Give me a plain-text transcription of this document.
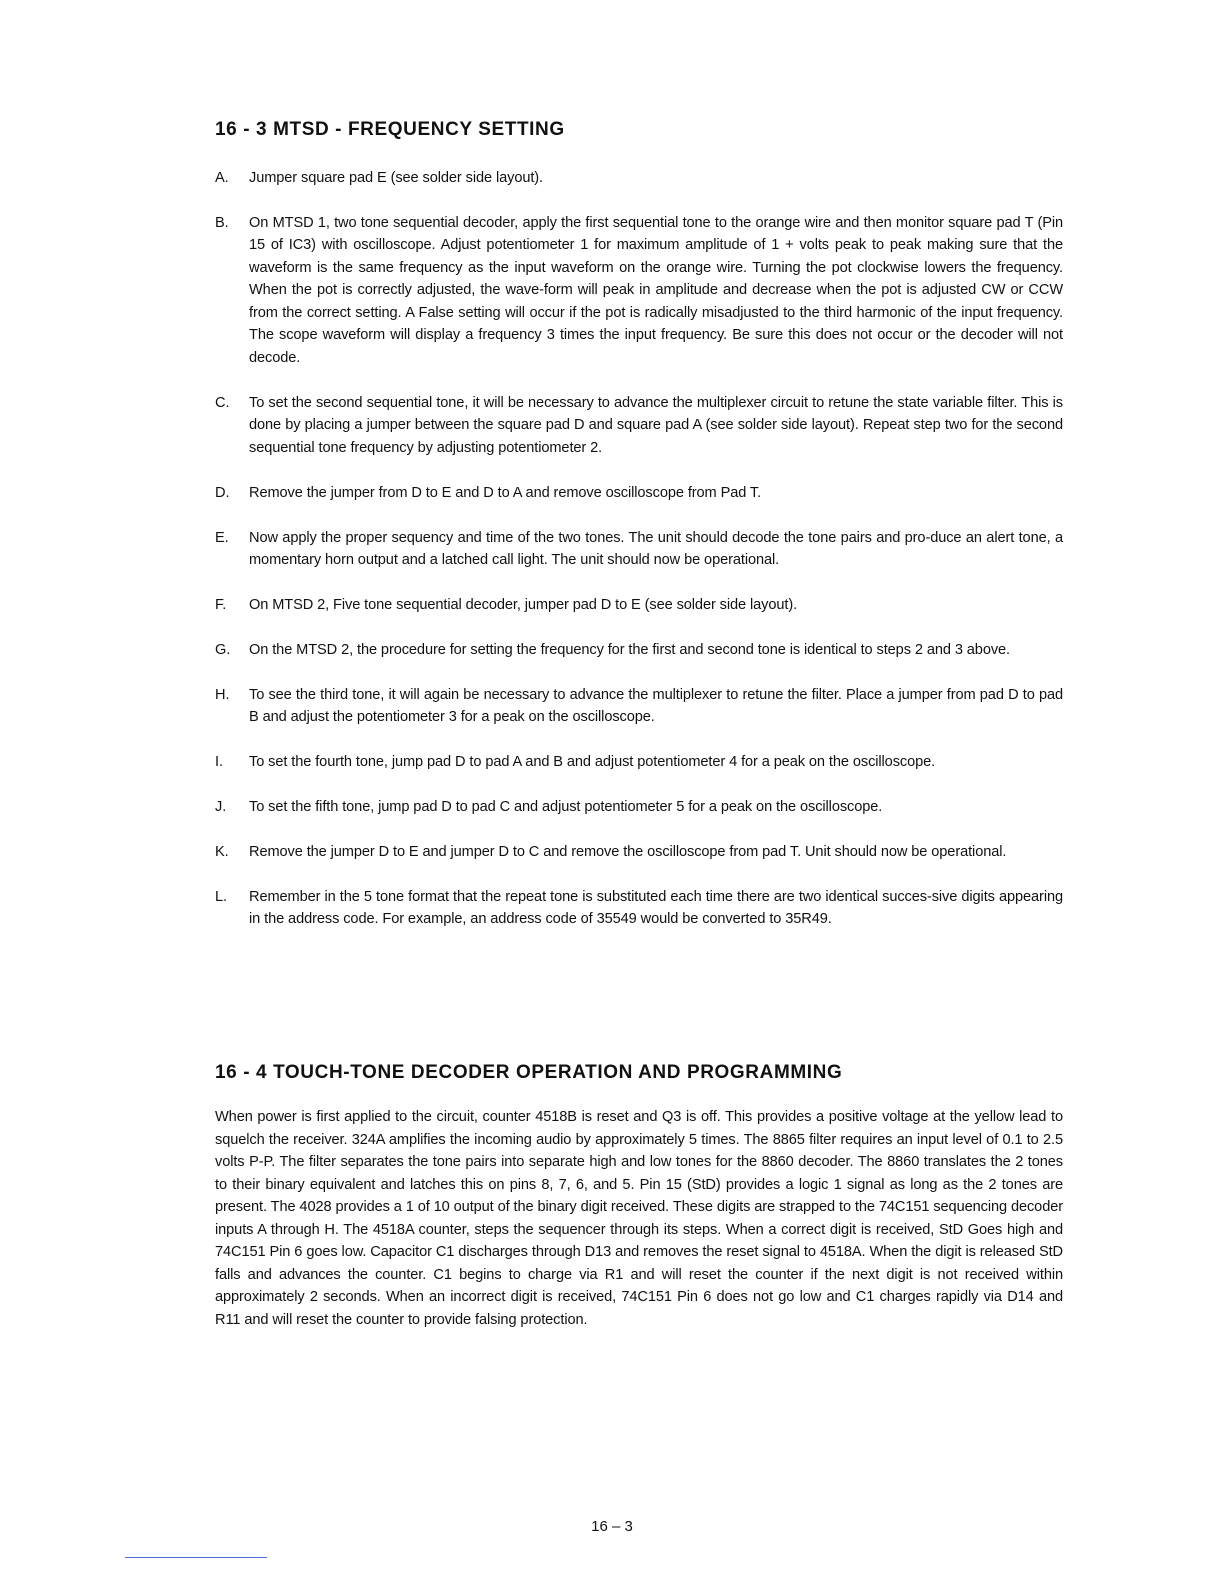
16 - 3 MTSD - FREQUENCY SETTING
A.	Jumper square pad E (see solder side layout).
B.	On MTSD 1, two tone sequential decoder, apply the first sequential tone to the orange wire and then monitor square pad T (Pin 15 of IC3) with oscilloscope. Adjust potentiometer 1 for maximum amplitude of 1 + volts peak to peak making sure that the waveform is the same frequency as the input waveform on the orange wire. Turning the pot clockwise lowers the frequency. When the pot is correctly adjusted, the wave-form will peak in amplitude and decrease when the pot is adjusted CW or CCW from the correct setting. A False setting will occur if the pot is radically misadjusted to the third harmonic of the input frequency. The scope waveform will display a frequency 3 times the input frequency. Be sure this does not occur or the decoder will not decode.
C.	To set the second sequential tone, it will be necessary to advance the multiplexer circuit to retune the state variable filter. This is done by placing a jumper between the square pad D and square pad A (see solder side layout). Repeat step two for the second sequential tone frequency by adjusting potentiometer 2.
D.	Remove the jumper from D to E and D to A and remove oscilloscope from Pad T.
E.	Now apply the proper sequency and time of the two tones. The unit should decode the tone pairs and pro-duce an alert tone, a momentary horn output and a latched call light. The unit should now be operational.
F.	On MTSD 2, Five tone sequential decoder, jumper pad D to E (see solder side layout).
G.	On the MTSD 2, the procedure for setting the frequency for the first and second tone is identical to steps 2 and 3 above.
H.	To see the third tone, it will again be necessary to advance the multiplexer to retune the filter. Place a jumper from pad D to pad B and adjust the potentiometer 3 for a peak on the oscilloscope.
I.	To set the fourth tone, jump pad D to pad A and B and adjust potentiometer 4 for a peak on the oscilloscope.
J.	To set the fifth tone, jump pad D to pad C and adjust potentiometer 5 for a peak on the oscilloscope.
K.	Remove the jumper D to E and jumper D to C and remove the oscilloscope from pad T. Unit should now be operational.
L.	Remember in the 5 tone format that the repeat tone is substituted each time there are two identical succes-sive digits appearing in the address code. For example, an address code of 35549 would be converted to 35R49.
16 - 4 TOUCH-TONE DECODER OPERATION AND PROGRAMMING

When power is first applied to the circuit, counter 4518B is reset and Q3 is off. This provides a positive voltage at the yellow lead to squelch the receiver. 324A amplifies the incoming audio by approximately 5 times. The 8865 filter requires an input level of 0.1 to 2.5 volts P-P. The filter separates the tone pairs into separate high and low tones for the 8860 decoder. The 8860 translates the 2 tones to their binary equivalent and latches this on pins 8, 7, 6, and 5. Pin 15 (StD) provides a logic 1 signal as long as the 2 tones are present. The 4028 provides a 1 of 10 output of the binary digit received. These digits are strapped to the 74C151 sequencing decoder inputs A through H. The 4518A counter, steps the sequencer through its steps. When a correct digit is received, StD Goes high and 74C151 Pin 6 goes low. Capacitor C1 discharges through D13 and removes the reset signal to 4518A. When the digit is released StD falls and advances the counter. C1 begins to charge via R1 and will reset the counter if the next digit is not received within approximately 2 seconds. When an incorrect digit is received, 74C151 Pin 6 does not go low and C1 charges rapidly via D14 and R11 and will reset the counter to provide falsing protection.

16 – 3
